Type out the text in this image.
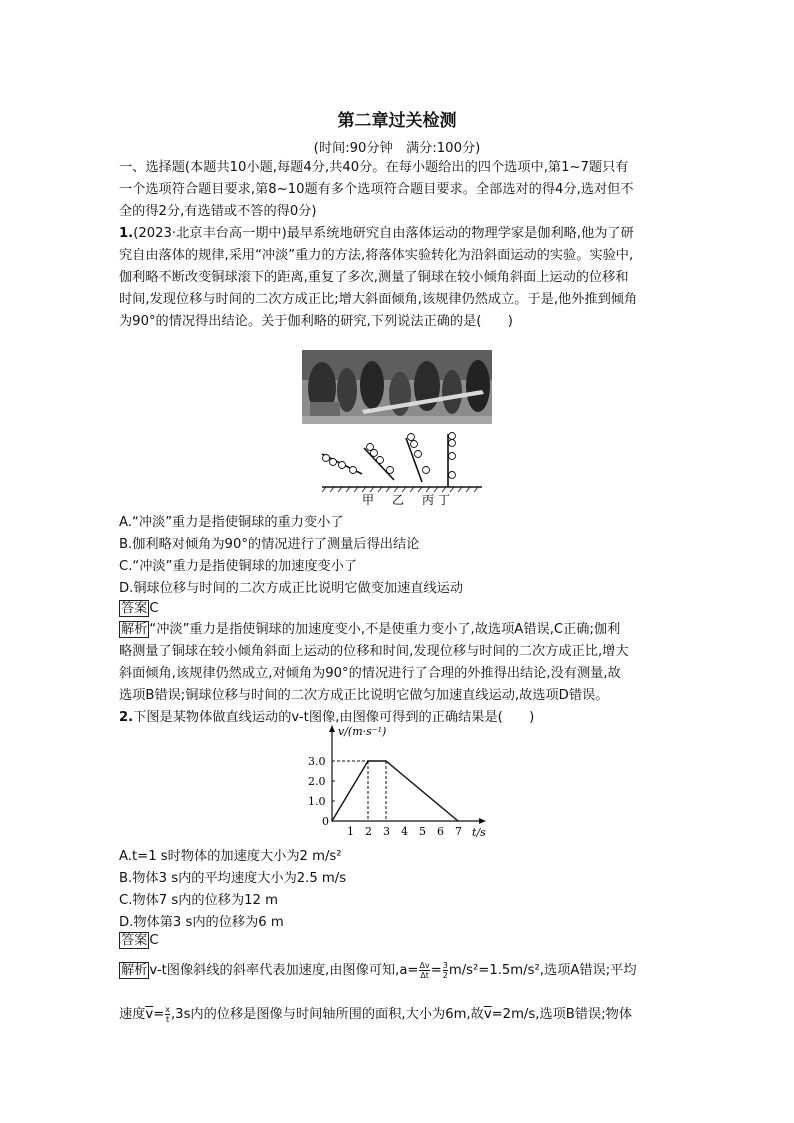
第二章过关检测
(时间:90分钟　满分:100分)
一、选择题(本题共10小题,每题4分,共40分。在每小题给出的四个选项中,第1~7题只有
一个选项符合题目要求,第8~10题有多个选项符合题目要求。全部选对的得4分,选对但不
全的得2分,有选错或不答的得0分)
1.(2023·北京丰台高一期中)最早系统地研究自由落体运动的物理学家是伽利略,他为了研
究自由落体的规律,采用“冲淡”重力的方法,将落体实验转化为沿斜面运动的实验。实验中,
伽利略不断改变铜球滚下的距离,重复了多次,测量了铜球在较小倾角斜面上运动的位移和
时间,发现位移与时间的二次方成正比;增大斜面倾角,该规律仍然成立。于是,他外推到倾角
为90°的情况得出结论。关于伽利略的研究,下列说法正确的是(　　)
甲 乙 丙 丁
A.“冲淡”重力是指使铜球的重力变小了
B.伽利略对倾角为90°的情况进行了测量后得出结论
C.“冲淡”重力是指使铜球的加速度变小了
D.铜球位移与时间的二次方成正比说明它做变加速直线运动
答案 C
解析 “冲淡”重力是指使铜球的加速度变小,不是使重力变小了,故选项A错误,C正确;伽利
略测量了铜球在较小倾角斜面上运动的位移和时间,发现位移与时间的二次方成正比,增大
斜面倾角,该规律仍然成立,对倾角为90°的情况进行了合理的外推得出结论,没有测量,故
选项B错误;铜球位移与时间的二次方成正比说明它做匀加速直线运动,故选项D错误。
2.下图是某物体做直线运动的v-t图像,由图像可得到的正确结果是(　　)
v/(m·s⁻¹)
t/s
0
1 2 3 4 5 6 7
1.0
2.0
3.0
A.t=1 s时物体的加速度大小为2 m/s²
B.物体3 s内的平均速度大小为2.5 m/s
C.物体7 s内的位移为12 m
D.物体第3 s内的位移为6 m
答案 C
解析 v-t图像斜线的斜率代表加速度,由图像可知$,a= \frac{\Delta v}{\Delta t} = \frac{3}{2} m/s^2=1.5m/s^2$,选项A错误;平均
速度$\overline{v}= \frac{x}{t} ,3s$内的位移是图像与时间轴所围的面积,大小为6m,故$\overline{v}=2m/s$,选项B错误;物体
